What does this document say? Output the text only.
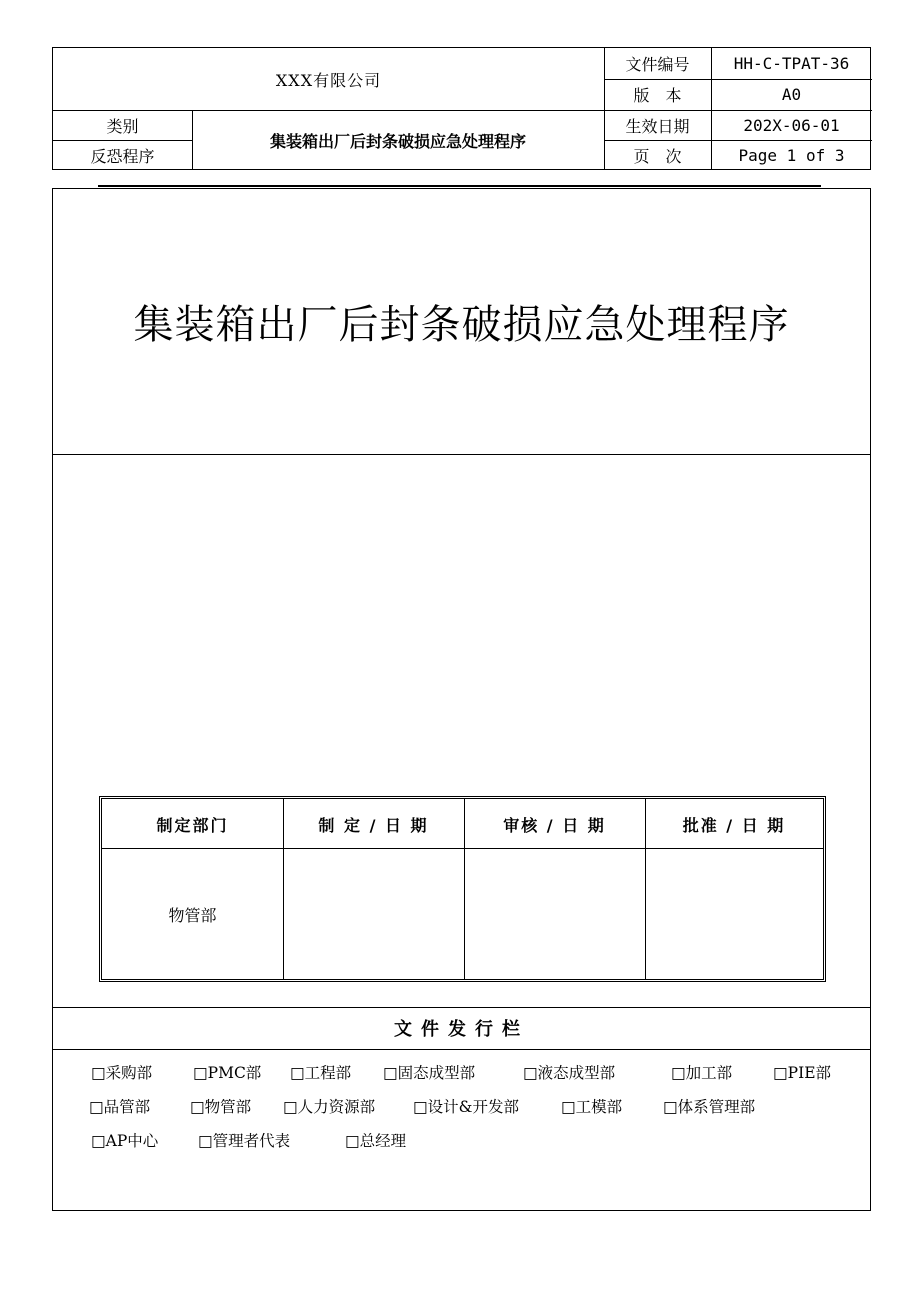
XXX有限公司
类别
反恐程序
集装箱出厂后封条破损应急处理程序
文件编号	HH-C-TPAT-36
版　本	A0
生效日期	202X-06-01
页　次	Page 1 of 3
集装箱出厂后封条破损应急处理程序
文件发行栏
□采购部	□PMC部 □工程部 □固态成型部	□液态成型部	□加工部	□PIE部
□品管部	□物管部 □人力资源部 □设计&开发部	□工模部	□体系管理部
□AP中心	□管理者代表	□总经理
制定部门	制 定 / 日 期	审核 / 日 期	批准 / 日 期
物管部
